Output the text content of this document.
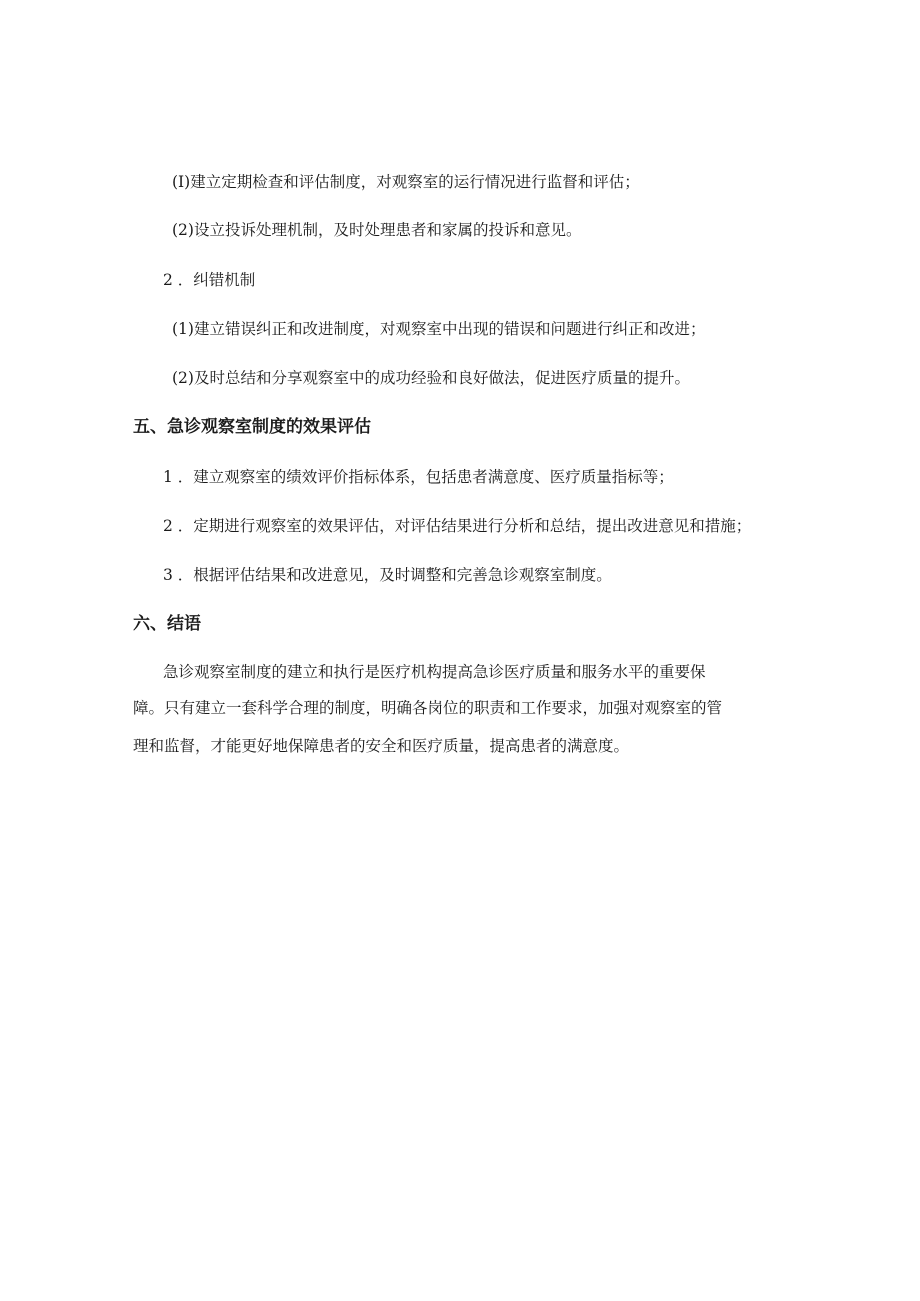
(I)建立定期检查和评估制度，对观察室的运行情况进行监督和评估；
(2)设立投诉处理机制，及时处理患者和家属的投诉和意见。
2 ．纠错机制
(1)建立错误纠正和改进制度，对观察室中出现的错误和问题进行纠正和改进；
(2)及时总结和分享观察室中的成功经验和良好做法，促进医疗质量的提升。
五、急诊观察室制度的效果评估
1 ．建立观察室的绩效评价指标体系，包括患者满意度、医疗质量指标等；
2 ．定期进行观察室的效果评估，对评估结果进行分析和总结，提出改进意见和措施；
3 ．根据评估结果和改进意见，及时调整和完善急诊观察室制度。
六、结语
急诊观察室制度的建立和执行是医疗机构提高急诊医疗质量和服务水平的重要保
障。只有建立一套科学合理的制度，明确各岗位的职责和工作要求，加强对观察室的管
理和监督，才能更好地保障患者的安全和医疗质量，提高患者的满意度。
